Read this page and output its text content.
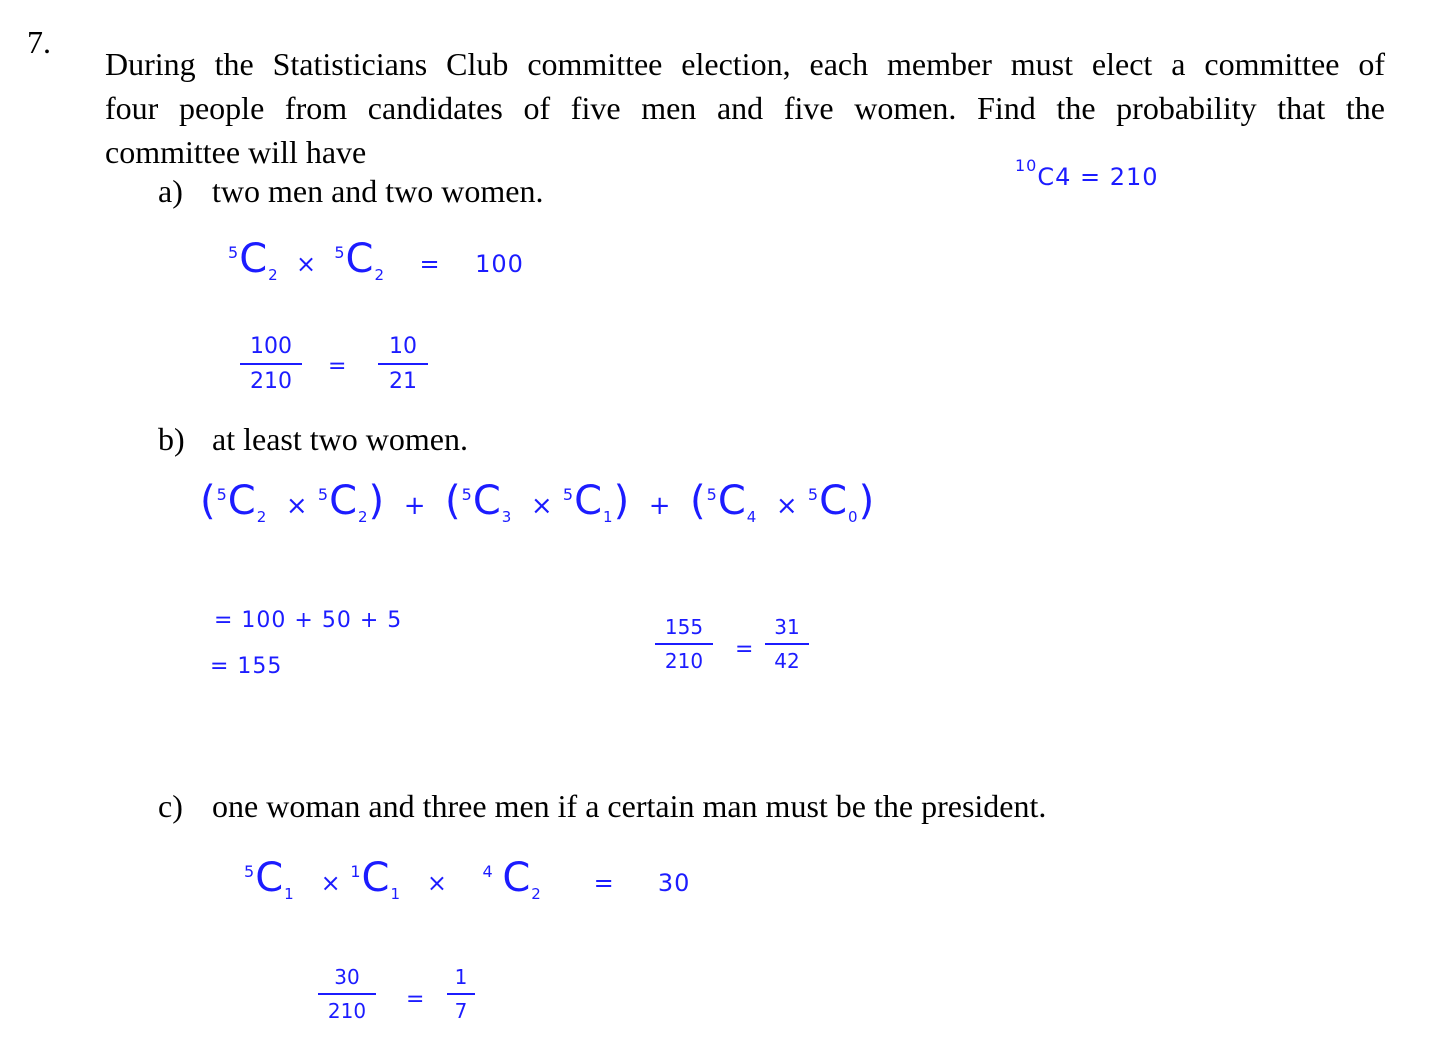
7.
During the Statisticians Club committee election, each member must elect a committee of
four people from candidates of five men and five women. Find the probability that the
committee will have	$^{10}$C4 = 210
a) two men and two women.
$^5C_2 \times ^5C_2 = 100$
100
210
=
10
21
b) at least two women.
$(^5C_2 \times ^5C_2) + (^5C_3 \times ^5C_1) + (^5C_4 \times ^5C_0)$
= 100 + 50 + 5
= 155
155
210	=
31
42
c) one woman and three men if a certain man must be the president.
$^5C_1 \times ^1C_1 \times ^4$ $C_2 = 30$
30
210	=
1
7
